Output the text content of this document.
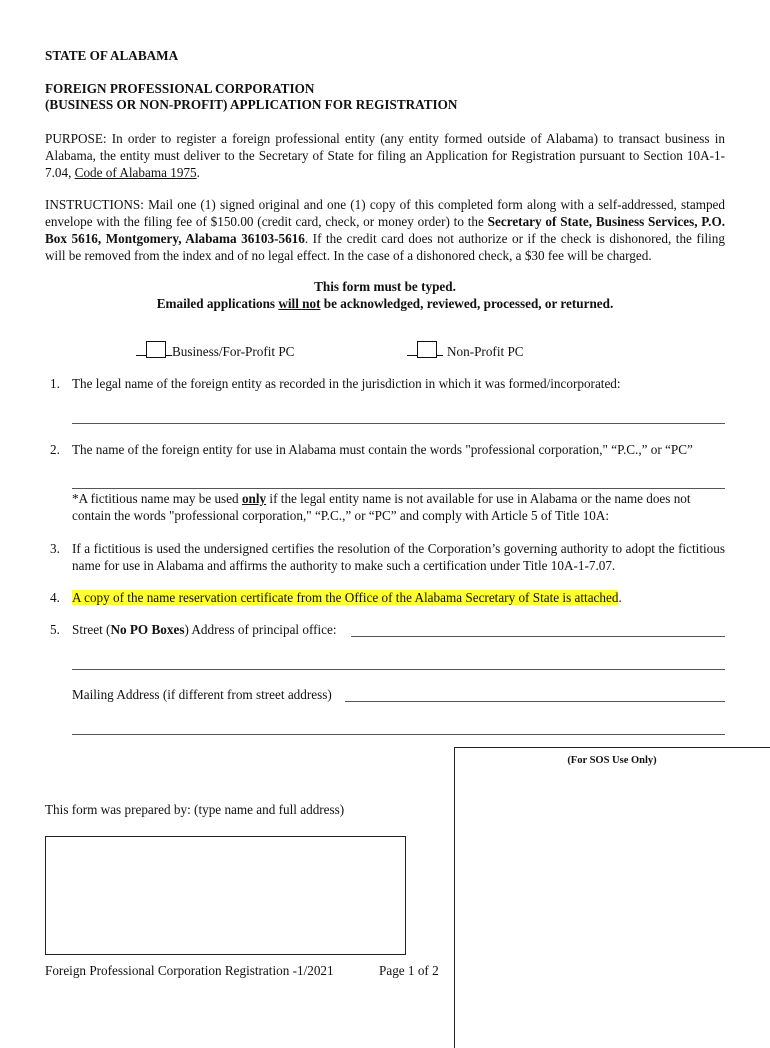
STATE OF ALABAMA
FOREIGN PROFESSIONAL CORPORATION
(BUSINESS OR NON-PROFIT) APPLICATION FOR REGISTRATION
PURPOSE: In order to register a foreign professional entity (any entity formed outside of Alabama) to transact business in Alabama, the entity must deliver to the Secretary of State for filing an Application for Registration pursuant to Section 10A-1-7.04, Code of Alabama 1975.
INSTRUCTIONS: Mail one (1) signed original and one (1) copy of this completed form along with a self-addressed, stamped envelope with the filing fee of $150.00 (credit card, check, or money order) to the Secretary of State, Business Services, P.O. Box 5616, Montgomery, Alabama 36103-5616. If the credit card does not authorize or if the check is dishonored, the filing will be removed from the index and of no legal effect. In the case of a dishonored check, a $30 fee will be charged.
This form must be typed.
Emailed applications will not be acknowledged, reviewed, processed, or returned.
Business/For-Profit PC	Non-Profit PC
1. The legal name of the foreign entity as recorded in the jurisdiction in which it was formed/incorporated:
2. The name of the foreign entity for use in Alabama must contain the words "professional corporation," “P.C.,” or “PC”
*A fictitious name may be used only if the legal entity name is not available for use in Alabama or the name does not contain the words "professional corporation," “P.C.,” or “PC” and comply with Article 5 of Title 10A:
3. If a fictitious is used the undersigned certifies the resolution of the Corporation’s governing authority to adopt the fictitious name for use in Alabama and affirms the authority to make such a certification under Title 10A-1-7.07.
4. A copy of the name reservation certificate from the Office of the Alabama Secretary of State is attached.
5. Street (No PO Boxes) Address of principal office:
Mailing Address (if different from street address)
(For SOS Use Only)
This form was prepared by: (type name and full address)
Foreign Professional Corporation Registration -1/2021	Page 1 of 2
